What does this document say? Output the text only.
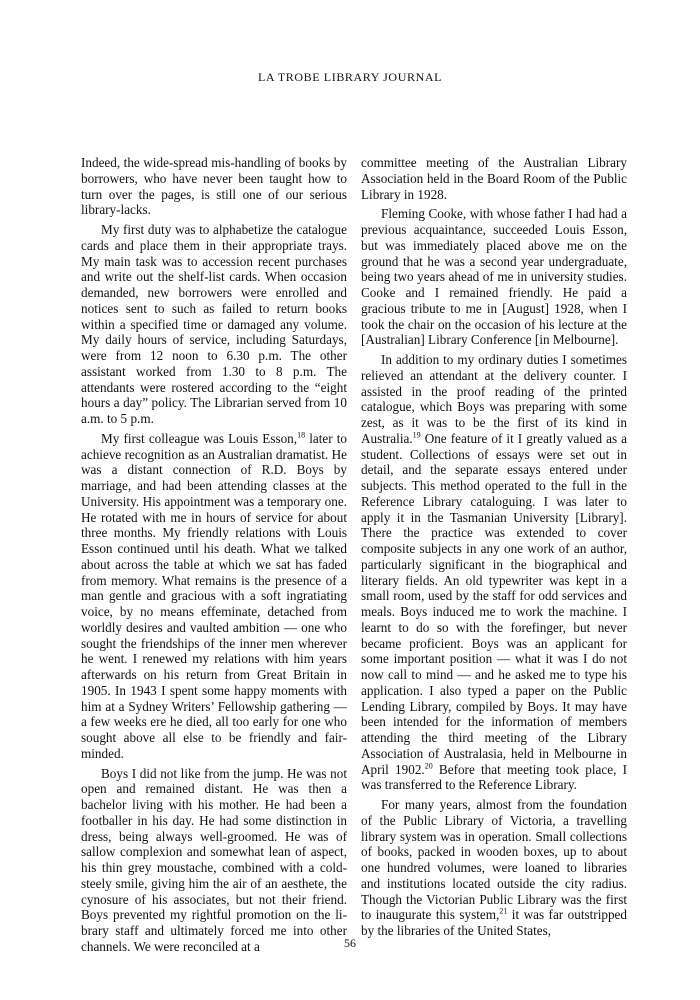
LA TROBE LIBRARY JOURNAL

Indeed, the wide-spread mis-handling of books by borrowers, who have never been taught how to turn over the pages, is still one of our serious library-lacks.

My first duty was to alphabetize the catalogue cards and place them in their appropriate trays. My main task was to accession recent purchases and write out the shelf-list cards. When occasion demanded, new borrowers were enrolled and notices sent to such as failed to return books within a specified time or damaged any volume. My daily hours of service, including Saturdays, were from 12 noon to 6.30 p.m. The other assistant worked from 1.30 to 8 p.m. The attendants were rostered according to the “eight hours a day” policy. The Librarian served from 10 a.m. to 5 p.m.

My first colleague was Louis Esson,$^{18}$ later to achieve recognition as an Australian dramatist. He was a distant connection of R.D. Boys by marriage, and had been attending classes at the University. His appointment was a temporary one. He rotated with me in hours of service for about three months. My friendly relations with Louis Esson continued until his death. What we talked about across the table at which we sat has faded from memory. What remains is the presence of a man gentle and gracious with a soft ingratiating voice, by no means effeminate, detached from worldly desires and vaulted ambition — one who sought the friendships of the inner men wherever he went. I renewed my relations with him years afterwards on his return from Great Britain in 1905. In 1943 I spent some happy moments with him at a Sydney Writers’ Fellowship gathering — a few weeks ere he died, all too early for one who sought above all else to be friendly and fair-minded.

Boys I did not like from the jump. He was not open and remained distant. He was then a bachelor living with his mother. He had been a footballer in his day. He had some distinction in dress, being always well-groomed. He was of sallow complexion and somewhat lean of aspect, his thin grey moustache, combined with a cold-steely smile, giving him the air of an aesthete, the cynosure of his associates, but not their friend. Boys prevented my rightful promotion on the library staff and ultimately forced me into other channels. We were reconciled at a

committee meeting of the Australian Library Association held in the Board Room of the Public Library in 1928.

Fleming Cooke, with whose father I had had a previous acquaintance, succeeded Louis Esson, but was immediately placed above me on the ground that he was a second year undergraduate, being two years ahead of me in university studies. Cooke and I remained friendly. He paid a gracious tribute to me in [August] 1928, when I took the chair on the occasion of his lecture at the [Australian] Library Conference [in Melbourne].

In addition to my ordinary duties I sometimes relieved an attendant at the delivery counter. I assisted in the proof reading of the printed catalogue, which Boys was preparing with some zest, as it was to be the first of its kind in Australia.$^{19}$ One feature of it I greatly valued as a student. Collections of essays were set out in detail, and the separate essays entered under subjects. This method operated to the full in the Reference Library cataloguing. I was later to apply it in the Tasmanian University [Library]. There the practice was extended to cover composite subjects in any one work of an author, particularly significant in the biographical and literary fields. An old typewriter was kept in a small room, used by the staff for odd services and meals. Boys induced me to work the machine. I learnt to do so with the forefinger, but never became proficient. Boys was an applicant for some important position — what it was I do not now call to mind — and he asked me to type his application. I also typed a paper on the Public Lending Library, compiled by Boys. It may have been intended for the information of members attending the third meeting of the Library Association of Australasia, held in Melbourne in April 1902.20 Before that meeting took place, I was transferred to the Reference Library.

For many years, almost from the foundation of the Public Library of Victoria, a travelling library system was in operation. Small collections of books, packed in wooden boxes, up to about one hundred volumes, were loaned to libraries and institutions located outside the city radius. Though the Victorian Public Library was the first to inaugurate this system,$^{21}$ it was far outstripped by the libraries of the United States,

56
